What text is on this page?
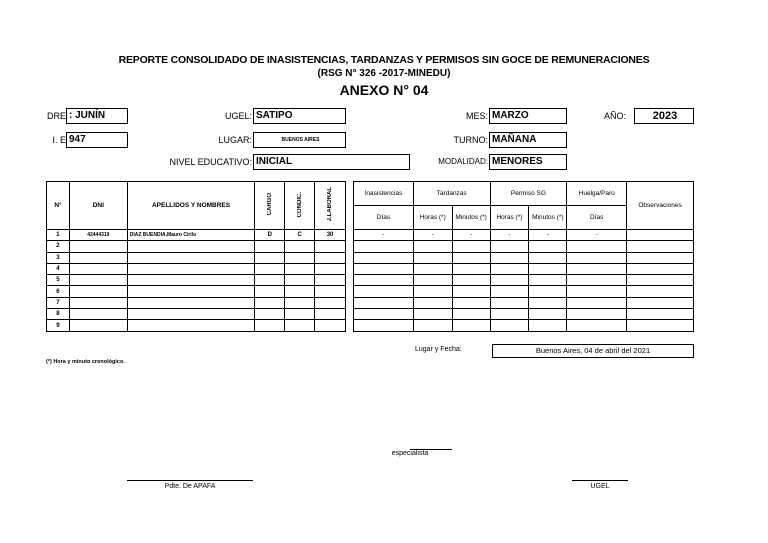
REPORTE CONSOLIDADO DE INASISTENCIAS, TARDANZAS Y PERMISOS SIN GOCE DE REMUNERACIONES
(RSG N° 326 -2017-MINEDU)
ANEXO N° 04
DRE : JUNÍN	UGEL: SATIPO	MES: MARZO	AÑO:	2023
I. E 947	LUGAR:	BUENOS AIRES	TURNO: MAÑANA
NIVEL EDUCATIVO: INICIAL	MODALIDAD: MENORES
N°	DNI	APELLIDOS Y NOMBRES	CARGO	CONDIC.	J.LABORAL
1	42444319	DIAZ BUENDIA,Mauro Cirilo	D	C	30
2					
3					
4					
5					
6					
7					
8					
9					
Inasistencias	Tardanzas		Permiso SG		Huelga/Paro	Observaciones
Días	Horas (*)	Minutos (*)	Horas (*)	Minutos (*)	Días	
-	-	-	-	-	-	

Lugar y Fecha:	Buenos Aires, 04 de abril del 2021
(*) Hora y minuto cronológico.
especialista
Pdte. De APAFA	UGEL
